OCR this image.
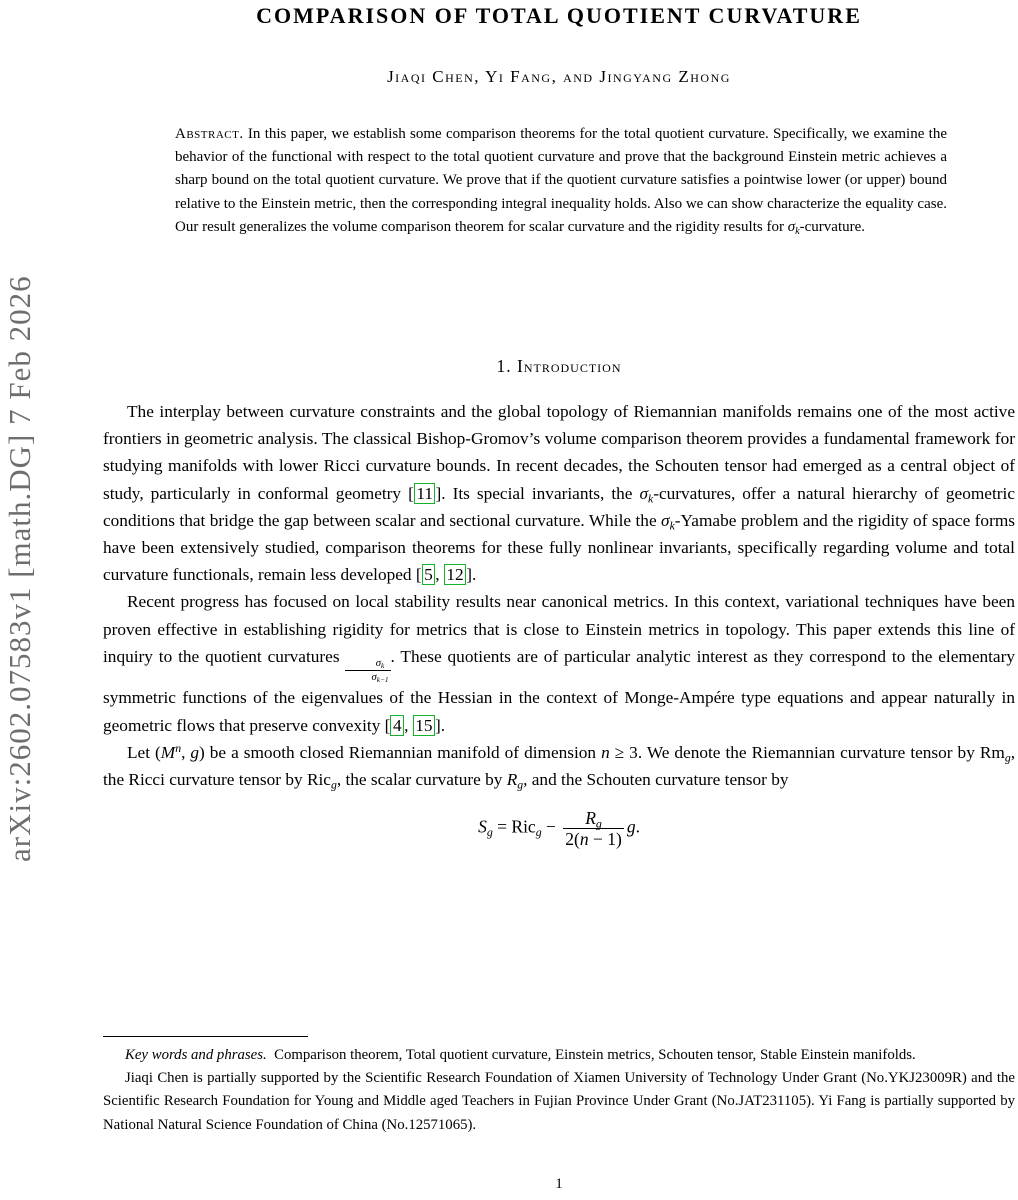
arXiv:2602.07583v1 [math.DG] 7 Feb 2026
COMPARISON OF TOTAL QUOTIENT CURVATURE
Jiaqi Chen, Yi Fang, and Jingyang Zhong
Abstract. In this paper, we establish some comparison theorems for the total quotient curvature. Specifically, we examine the behavior of the functional with respect to the total quotient curvature and prove that the background Einstein metric achieves a sharp bound on the total quotient curvature. We prove that if the quotient curvature satisfies a pointwise lower (or upper) bound relative to the Einstein metric, then the corresponding integral inequality holds. Also we can show characterize the equality case. Our result generalizes the volume comparison theorem for scalar curvature and the rigidity results for $\sigma_k$-curvature.
1. Introduction

The interplay between curvature constraints and the global topology of Riemannian manifolds remains one of the most active frontiers in geometric analysis. The classical Bishop-Gromov’s volume comparison theorem provides a fundamental framework for studying manifolds with lower Ricci curvature bounds. In recent decades, the Schouten tensor had emerged as a central object of study, particularly in conformal geometry [ 11 ]. Its special invariants, the $\sigma_k$-curvatures, offer a natural hierarchy of geometric conditions that bridge the gap between scalar and sectional curvature. While the $\sigma_k$-Yamabe problem and the rigidity of space forms have been extensively studied, comparison theorems for these fully nonlinear invariants, specifically regarding volume and total curvature functionals, remain less developed [ 5 , 12 ].

Recent progress has focused on local stability results near canonical metrics. In this context, variational techniques have been proven effective in establishing rigidity for metrics that is close to Einstein metrics in topology. This paper extends this line of inquiry to the quotient curvatures
$\frac{\sigma_k}{\sigma_{k-1}}$
. These quotients are of particular analytic interest as they correspond to the elementary symmetric functions of the eigenvalues of the Hessian in the context of Monge-Ampére type equations and appear naturally in geometric flows that preserve convexity [ 4 , 15 ].

Let ($M^n$, g) be a smooth closed Riemannian manifold of dimension n ≥ 3. We denote the Riemannian curvature tensor by $Rm_g$, the Ricci curvature tensor by Ric$_g$, the scalar curvature by $R_g$, and the Schouten curvature tensor by

$S_g = Ric_g - \frac{R_g}{2(n - 1)} g$.

Key words and phrases.  Comparison theorem, Total quotient curvature, Einstein metrics, Schouten tensor, Stable Einstein manifolds.

Jiaqi Chen is partially supported by the Scientific Research Foundation of Xiamen University of Technology Under Grant (No.YKJ23009R) and the Scientific Research Foundation for Young and Middle aged Teachers in Fujian Province Under Grant (No.JAT231105). Yi Fang is partially supported by National Natural Science Foundation of China (No.12571065).

1
